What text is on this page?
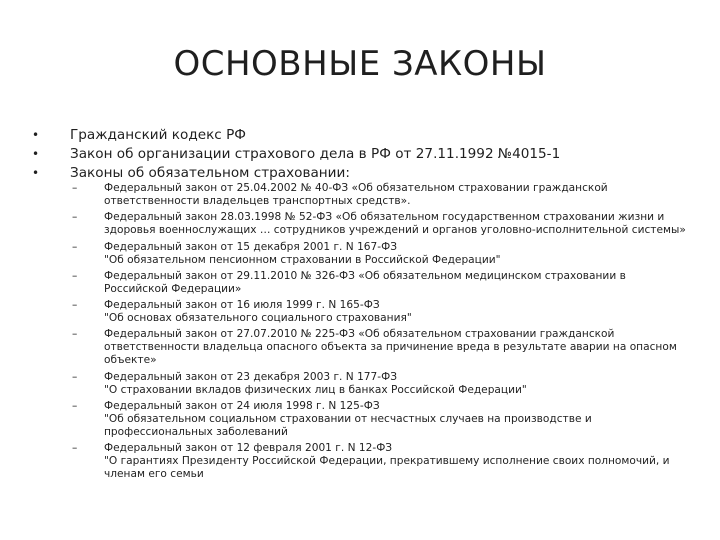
ОСНОВНЫЕ ЗАКОНЫ
• Гражданский кодекс РФ
• Закон об организации страхового дела в РФ от 27.11.1992 №4015-1
• Законы об обязательном страховании:
–	Федеральный закон от 25.04.2002 № 40-ФЗ «Об обязательном страховании гражданской
ответственности владельцев транспортных средств».
–	Федеральный закон 28.03.1998 № 52-ФЗ «Об обязательном государственном страховании жизни и
здоровья военнослужащих … сотрудников учреждений и органов уголовно-исполнительной системы»
–	Федеральный закон от 15 декабря 2001 г. N 167-ФЗ
"Об обязательном пенсионном страховании в Российской Федерации"
–	Федеральный закон от 29.11.2010 № 326-ФЗ «Об обязательном медицинском страховании в
Российской Федерации»
–	Федеральный закон от 16 июля 1999 г. N 165-ФЗ
"Об основах обязательного социального страхования"
–	Федеральный закон от 27.07.2010 № 225-ФЗ «Об обязательном страховании гражданской
ответственности владельца опасного объекта за причинение вреда в результате аварии на опасном
объекте»
–	Федеральный закон от 23 декабря 2003 г. N 177-ФЗ
"О страховании вкладов физических лиц в банках Российской Федерации"
–	Федеральный закон от 24 июля 1998 г. N 125-ФЗ
"Об обязательном социальном страховании от несчастных случаев на производстве и
профессиональных заболеваний
–	Федеральный закон от 12 февраля 2001 г. N 12-ФЗ
"О гарантиях Президенту Российской Федерации, прекратившему исполнение своих полномочий, и
членам его семьи
